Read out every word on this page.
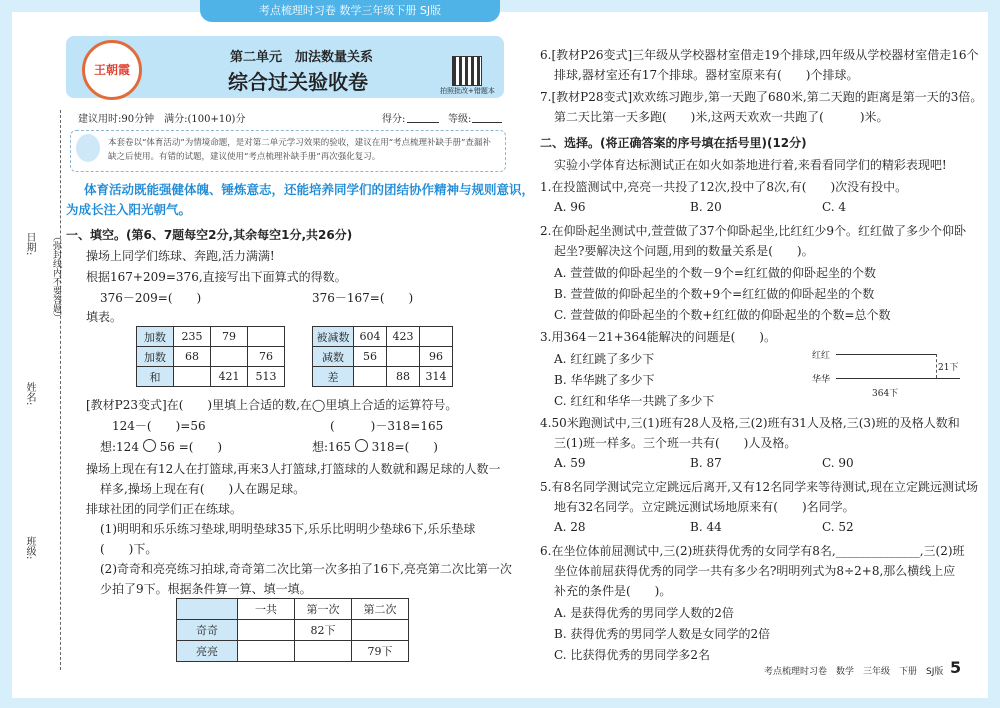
考点梳理时习卷 数学三年级下册 SJ版
王朝霞
第二单元　加法数量关系
综合过关验收卷	拍照批改+错题本
建议用时:90分钟　满分:(100+10)分	得分:	等级:
本套卷以“体育活动”为情境命题，是对第二单元学习效果的验收，建议在用“考点梳理补缺手册”查漏补
缺之后使用。有错的试题，建议使用“考点梳理补缺手册”再次强化复习。
体育活动既能强健体魄、锤炼意志，还能培养同学们的团结协作精神与规则意识，
为成长注入阳光朝气。
日期: （弥封线内不要答题）
姓名:
班级:
一、填空。(第6、7题每空2分,其余每空1分,共26分)
操场上同学们练球、奔跑,活力满满!
根据167+209=376,直接写出下面算式的得数。
376－209=(　　)	376－167=(　　)
填表。
加数	235	79	
加数	68		76
和		421	513
被减数	604	423	
减数	56		96
差		88	314
[教材P23变式]在(　　)里填上合适的数,在◯里填上合适的运算符号。
124－(　　)=56	(　　　)－318=165
想:124 56 =(　　)	想:165 318=(　　)
操场上现在有12人在打篮球,再来3人打篮球,打篮球的人数就和踢足球的人数一
样多,操场上现在有(　　)人在踢足球。
排球社团的同学们正在练球。
(1)明明和乐乐练习垫球,明明垫球35下,乐乐比明明少垫球6下,乐乐垫球
(　　)下。
(2)奇奇和亮亮练习拍球,奇奇第二次比第一次多拍了16下,亮亮第二次比第一次
少拍了9下。根据条件算一算、填一填。
	一共	第一次	第二次
奇奇		82下	
亮亮			79下
6.[教材P26变式]三年级从学校器材室借走19个排球,四年级从学校器材室借走16个
排球,器材室还有17个排球。器材室原来有(　　)个排球。
7.[教材P28变式]欢欢练习跑步,第一天跑了680米,第二天跑的距离是第一天的3倍。
第二天比第一天多跑(　　)米,这两天欢欢一共跑了(　　　)米。
二、选择。(将正确答案的序号填在括号里)(12分)
实验小学体育达标测试正在如火如荼地进行着,来看看同学们的精彩表现吧!
1.在投篮测试中,亮亮一共投了12次,投中了8次,有(　　)次没有投中。
A. 96	B. 20	C. 4
2.在仰卧起坐测试中,萱萱做了37个仰卧起坐,比红红少9个。红红做了多少个仰卧
起坐?要解决这个问题,用到的数量关系是(　　)。
A. 萱萱做的仰卧起坐的个数－9个=红红做的仰卧起坐的个数
B. 萱萱做的仰卧起坐的个数+9个=红红做的仰卧起坐的个数
C. 萱萱做的仰卧起坐的个数+红红做的仰卧起坐的个数=总个数
3.用364－21+364能解决的问题是(　　)。
A. 红红跳了多少下
B. 华华跳了多少下
C. 红红和华华一共跳了多少下
红红
华华
21下
364下
4.50米跑测试中,三(1)班有28人及格,三(2)班有31人及格,三(3)班的及格人数和
三(1)班一样多。三个班一共有(　　)人及格。
A. 59	B. 87	C. 90
5.有8名同学测试完立定跳远后离开,又有12名同学来等待测试,现在立定跳远测试场
地有32名同学。立定跳远测试场地原来有(　　)名同学。
A. 28	B. 44	C. 52
6.在坐位体前屈测试中,三(2)班获得优秀的女同学有8名,______________,三(2)班
坐位体前屈获得优秀的同学一共有多少名?明明列式为8÷2+8,那么横线上应
补充的条件是(　　)。
A. 是获得优秀的男同学人数的2倍
B. 获得优秀的男同学人数是女同学的2倍
C. 比获得优秀的男同学多2名
考点梳理时习卷　数学　三年级　下册　SJ版 5
